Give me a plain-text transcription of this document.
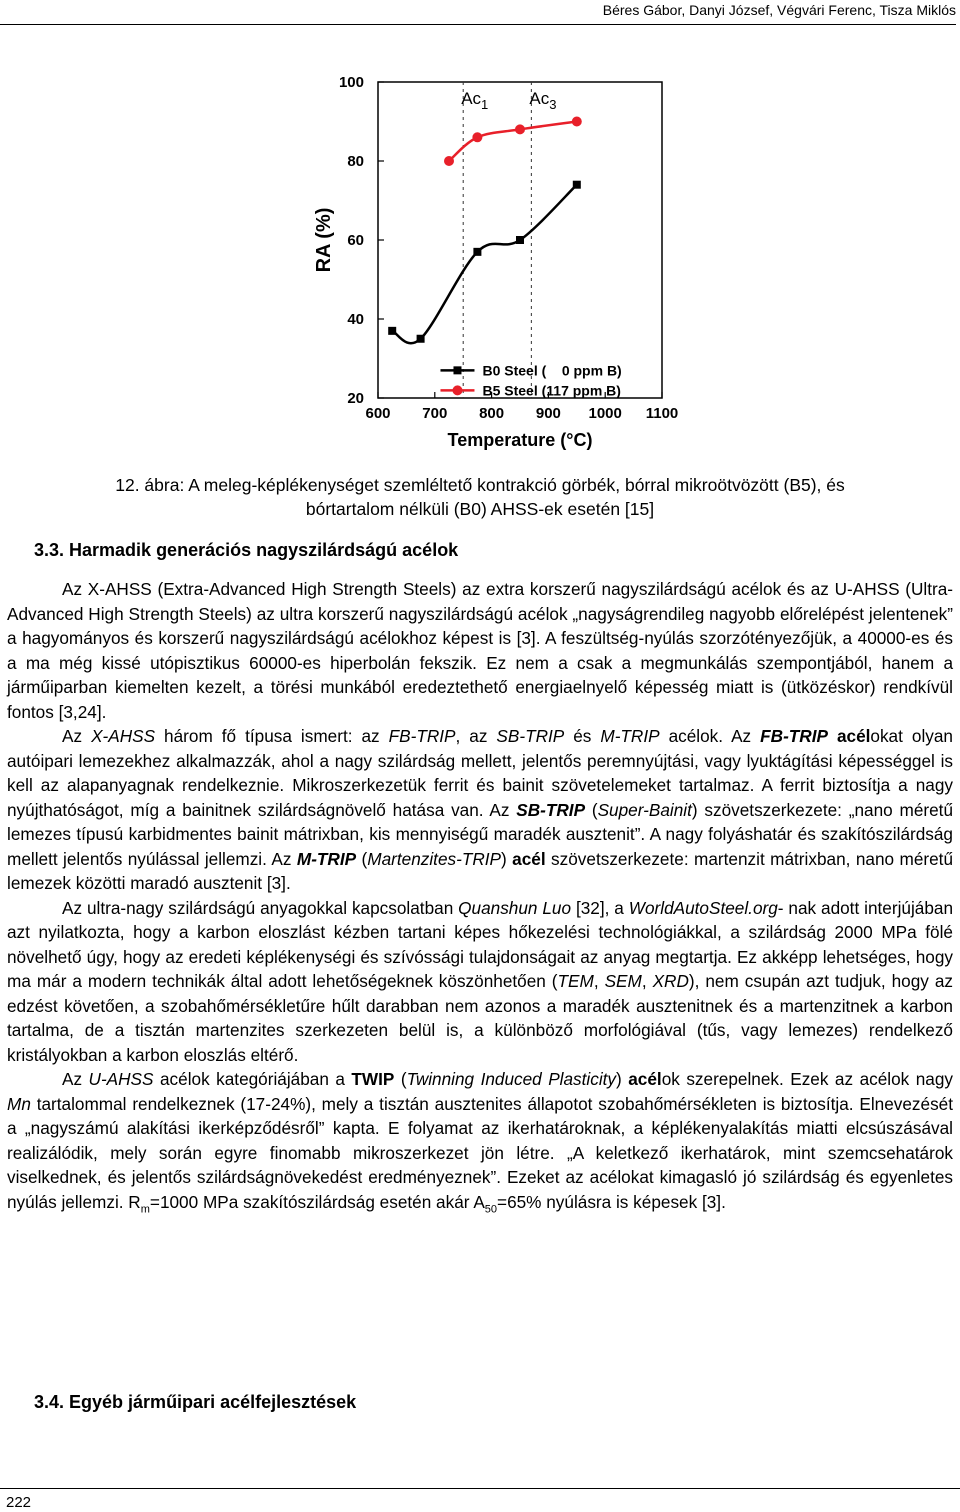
Béres Gábor, Danyi József, Végvári Ferenc, Tisza Miklós
600 700 800 900 1000 1100
20
40
60
80
100
Temperature (°C)
RA (%)
$Ac_1$ $Ac_3$
B0 Steel (    0 ppm B)
B5 Steel (117 ppm B)
12. ábra: A meleg-képlékenységet szemléltető kontrakció görbék, bórral mikroötvözött (B5), és
bórtartalom nélküli (B0) AHSS-ek esetén [15]
3.3. Harmadik generációs nagyszilárdságú acélok

Az X-AHSS (Extra-Advanced High Strength Steels) az extra korszerű nagyszilárdságú acélok és az U-AHSS (Ultra-Advanced High Strength Steels) az ultra korszerű nagyszilárdságú acélok „nagyságrendileg nagyobb előrelépést jelentenek” a hagyományos és korszerű nagyszilárdságú acélokhoz képest is [3]. A feszültség-nyúlás szorzótényezőjük, a 40000-es és a ma még kissé utópisztikus 60000-es hiperbolán fekszik. Ez nem a csak a megmunkálás szempontjából, hanem a járműiparban kiemelten kezelt, a törési munkából eredeztethető energiaelnyelő képesség miatt is (ütközéskor) rendkívül fontos [3,24].

Az X-AHSS három fő típusa ismert: az FB-TRIP, az SB-TRIP és M-TRIP acélok. Az FB-TRIP acélokat olyan autóipari lemezekhez alkalmazzák, ahol a nagy szilárdság mellett, jelentős peremnyújtási, vagy lyuktágítási képességgel is kell az alapanyagnak rendelkeznie. Mikroszerkezetük ferrit és bainit szövetelemeket tartalmaz. A ferrit biztosítja a nagy nyújthatóságot, míg a bainitnek szilárdságnövelő hatása van. Az SB-TRIP (Super-Bainit) szövetszerkezete: „nano méretű lemezes típusú karbidmentes bainit mátrixban, kis mennyiségű maradék ausztenit”. A nagy folyáshatár és szakítószilárdság mellett jelentős nyúlással jellemzi. Az M-TRIP (Martenzites-TRIP) acél szövetszerkezete: martenzit mátrixban, nano méretű lemezek közötti maradó ausztenit [3].

Az ultra-nagy szilárdságú anyagokkal kapcsolatban Quanshun Luo [32], a WorldAutoSteel.org- nak adott interjújában azt nyilatkozta, hogy a karbon eloszlást kézben tartani képes hőkezelési technológiákkal, a szilárdság 2000 MPa fölé növelhető úgy, hogy az eredeti képlékenységi és szívóssági tulajdonságait az anyag megtartja. Ez akképp lehetséges, hogy ma már a modern technikák által adott lehetőségeknek köszönhetően (TEM, SEM, XRD), nem csupán azt tudjuk, hogy az edzést követően, a szobahőmérsékletűre hűlt darabban nem azonos a maradék ausztenitnek és a martenzitnek a karbon tartalma, de a tisztán martenzites szerkezeten belül is, a különböző morfológiával (tűs, vagy lemezes) rendelkező kristályokban a karbon eloszlás eltérő.

Az U-AHSS acélok kategóriájában a TWIP (Twinning Induced Plasticity) acélok szerepelnek. Ezek az acélok nagy Mn tartalommal rendelkeznek (17-24%), mely a tisztán ausztenites állapotot szobahőmérsékleten is biztosítja. Elnevezését a „nagyszámú alakítási ikerképződésről” kapta. E folyamat az ikerhatároknak, a képlékenyalakítás miatti elcsúszásával realizálódik, mely során egyre finomabb mikroszerkezet jön létre. „A keletkező ikerhatárok, mint szemcsehatárok viselkednek, és jelentős szilárdságnövekedést eredményeznek”. Ezeket az acélokat kimagasló jó szilárdság és egyenletes nyúlás jellemzi. $R_m=1000$ MPa szakítószilárdság esetén akár $A_{50}=65\%$ nyúlásra is képesek [3].

3.4. Egyéb járműipari acélfejlesztések
222
